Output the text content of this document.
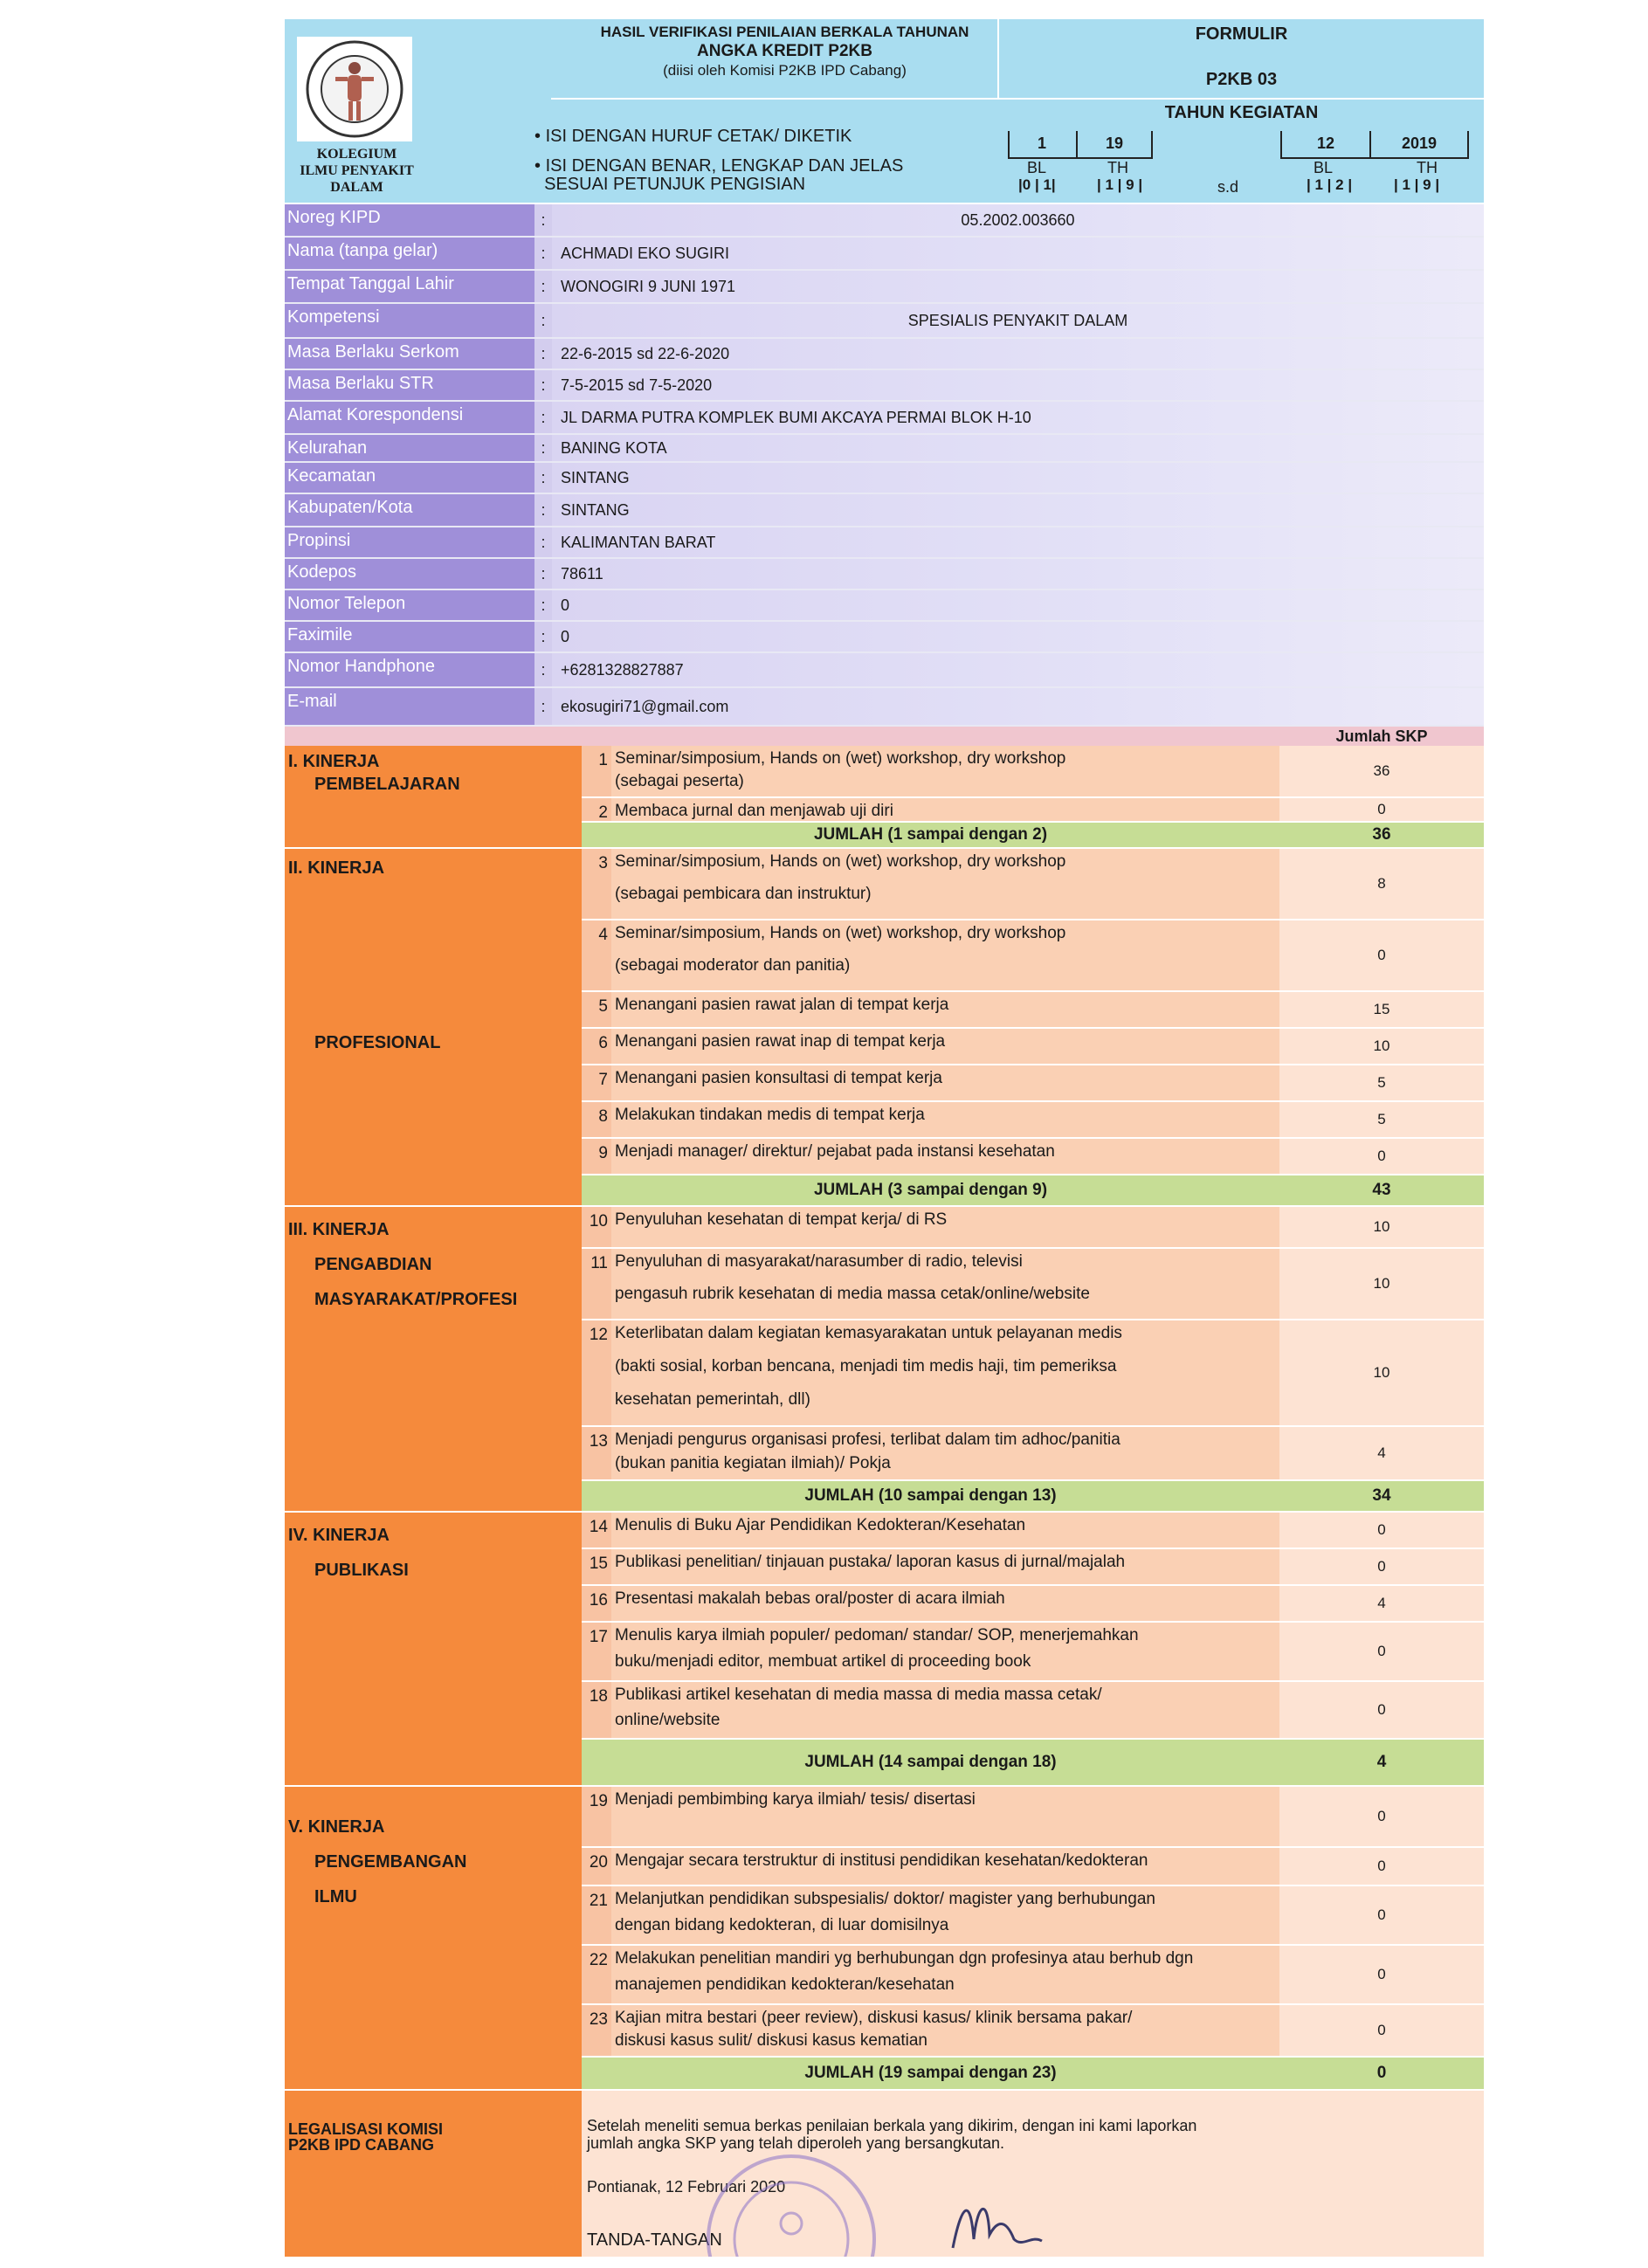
KOLEGIUM
ILMU PENYAKIT DALAM
HASIL VERIFIKASI PENILAIAN BERKALA TAHUNAN
ANGKA KREDIT P2KB
(diisi oleh Komisi P2KB IPD Cabang)
FORMULIR
P2KB 03
TAHUN KEGIATAN
• ISI DENGAN HURUF CETAK/ DIKETIK
• ISI DENGAN BENAR, LENGKAP DAN JELAS
SESUAI PETUNJUK PENGISIAN
1	19
BL	TH
|0 | 1|	| 1 | 9 |	s.d
12	2019
BL	TH
| 1 | 2 |	| 1 | 9 |
Noreg KIPD	:	05.2002.003660
Nama (tanpa gelar)	: ACHMADI EKO SUGIRI
Tempat Tanggal Lahir	: WONOGIRI 9 JUNI 1971
Kompetensi	:	SPESIALIS PENYAKIT DALAM
Masa Berlaku Serkom	: 22-6-2015 sd 22-6-2020
Masa Berlaku STR	: 7-5-2015 sd 7-5-2020
Alamat Korespondensi	: JL DARMA PUTRA KOMPLEK BUMI AKCAYA PERMAI BLOK H-10
Kelurahan	: BANING KOTA
Kecamatan	: SINTANG
Kabupaten/Kota	: SINTANG
Propinsi	: KALIMANTAN BARAT
Kodepos	: 78611
Nomor Telepon	: 0
Faximile	: 0
Nomor Handphone	: +6281328827887
E-mail	: ekosugiri71@gmail.com
Jumlah SKP
I. KINERJA
PEMBELAJARAN
1 Seminar/simposium, Hands on (wet) workshop, dry workshop
(sebagai peserta)
36
2 Membaca jurnal dan menjawab uji diri	0
JUMLAH (1 sampai dengan 2)	36
II. KINERJA
PROFESIONAL
3 Seminar/simposium, Hands on (wet) workshop, dry workshop
(sebagai pembicara dan instruktur)
8
4 Seminar/simposium, Hands on (wet) workshop, dry workshop
(sebagai moderator dan panitia)
0
5 Menangani pasien rawat jalan di tempat kerja	15
6 Menangani pasien rawat inap di tempat kerja	10
7 Menangani pasien konsultasi di tempat kerja	5
8 Melakukan tindakan medis di tempat kerja	5
9 Menjadi manager/ direktur/ pejabat pada instansi kesehatan	0
JUMLAH (3 sampai dengan 9)	43
III. KINERJA
PENGABDIAN
MASYARAKAT/PROFESI
10 Penyuluhan kesehatan di tempat kerja/ di RS	10
11 Penyuluhan di masyarakat/narasumber di radio, televisi
pengasuh rubrik kesehatan di media massa cetak/online/website
10
12 Keterlibatan dalam kegiatan kemasyarakatan untuk pelayanan medis
(bakti sosial, korban bencana, menjadi tim medis haji, tim pemeriksa
kesehatan pemerintah, dll)
10
13 Menjadi pengurus organisasi profesi, terlibat dalam tim adhoc/panitia
(bukan panitia kegiatan ilmiah)/ Pokja
4
JUMLAH (10 sampai dengan 13)	34
IV. KINERJA
PUBLIKASI
14 Menulis di Buku Ajar Pendidikan Kedokteran/Kesehatan	0
15 Publikasi penelitian/ tinjauan pustaka/ laporan kasus di jurnal/majalah	0
16 Presentasi makalah bebas oral/poster di acara ilmiah	4
17 Menulis karya ilmiah populer/ pedoman/ standar/ SOP, menerjemahkan
buku/menjadi editor, membuat artikel di proceeding book
0
18 Publikasi artikel kesehatan di media massa di media massa cetak/
online/website
0
JUMLAH (14 sampai dengan 18)	4
V. KINERJA
PENGEMBANGAN
ILMU
19 Menjadi pembimbing karya ilmiah/ tesis/ disertasi
0
20 Mengajar secara terstruktur di institusi pendidikan kesehatan/kedokteran	0
21 Melanjutkan pendidikan subspesialis/ doktor/ magister yang berhubungan
dengan bidang kedokteran, di luar domisilnya
0
22 Melakukan penelitian mandiri yg berhubungan dgn profesinya atau berhub dgn
manajemen pendidikan kedokteran/kesehatan
0
23 Kajian mitra bestari (peer review), diskusi kasus/ klinik bersama pakar/
diskusi kasus sulit/ diskusi kasus kematian
0
JUMLAH (19 sampai dengan 23)	0
LEGALISASI KOMISI
P2KB IPD CABANG
Setelah meneliti semua berkas penilaian berkala yang dikirim, dengan ini kami laporkan
jumlah angka SKP yang telah diperoleh yang bersangkutan.
Pontianak, 12 Februari 2020
TANDA-TANGAN
